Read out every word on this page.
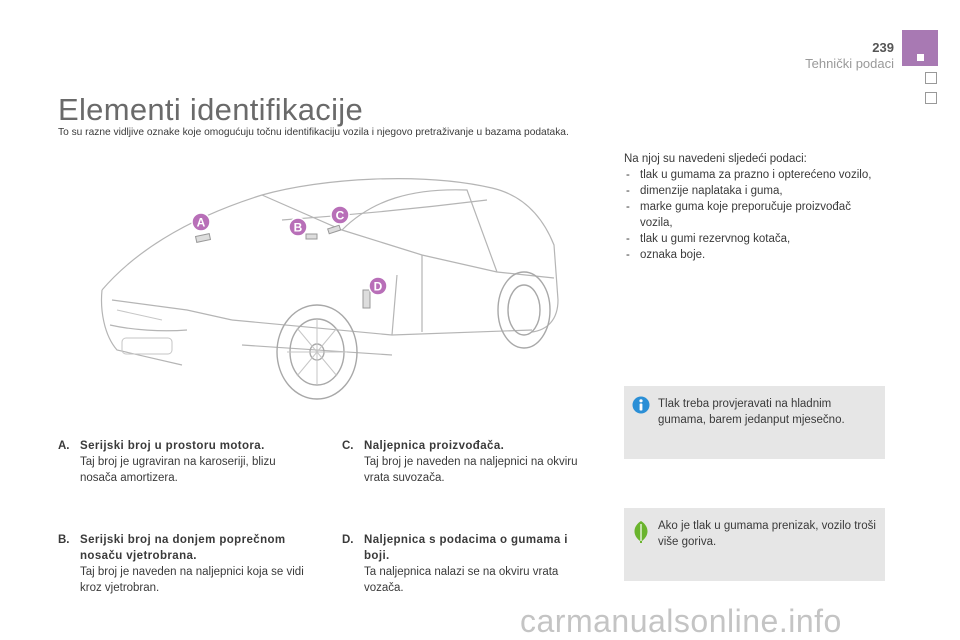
239
Tehnički podaci
Elementi identifikacije
To su razne vidljive oznake koje omogućuju točnu identifikaciju vozila i njegovo pretraživanje u bazama podataka.
A	B
C
D
Na njoj su navedeni sljedeći podaci:
- tlak u gumama za prazno i opterećeno vozilo,
- dimenzije naplataka i guma,
- marke guma koje preporučuje proizvođač vozila,
- tlak u gumi rezervnog kotača,
- oznaka boje.
A. Serijski broj u prostoru motora.
Taj broj je ugraviran na karoseriji, blizu nosača amortizera.
B. Serijski broj na donjem poprečnom nosaču vjetrobrana.
Taj broj je naveden na naljepnici koja se vidi kroz vjetrobran.
C. Naljepnica proizvođača.
Taj broj je naveden na naljepnici na okviru vrata suvozača.
D. Naljepnica s podacima o gumama i boji.
Ta naljepnica nalazi se na okviru vrata vozača.
Tlak treba provjeravati na hladnim gumama, barem jedanput mjesečno.
Ako je tlak u gumama prenizak, vozilo troši više goriva.
carmanualsonline.info
